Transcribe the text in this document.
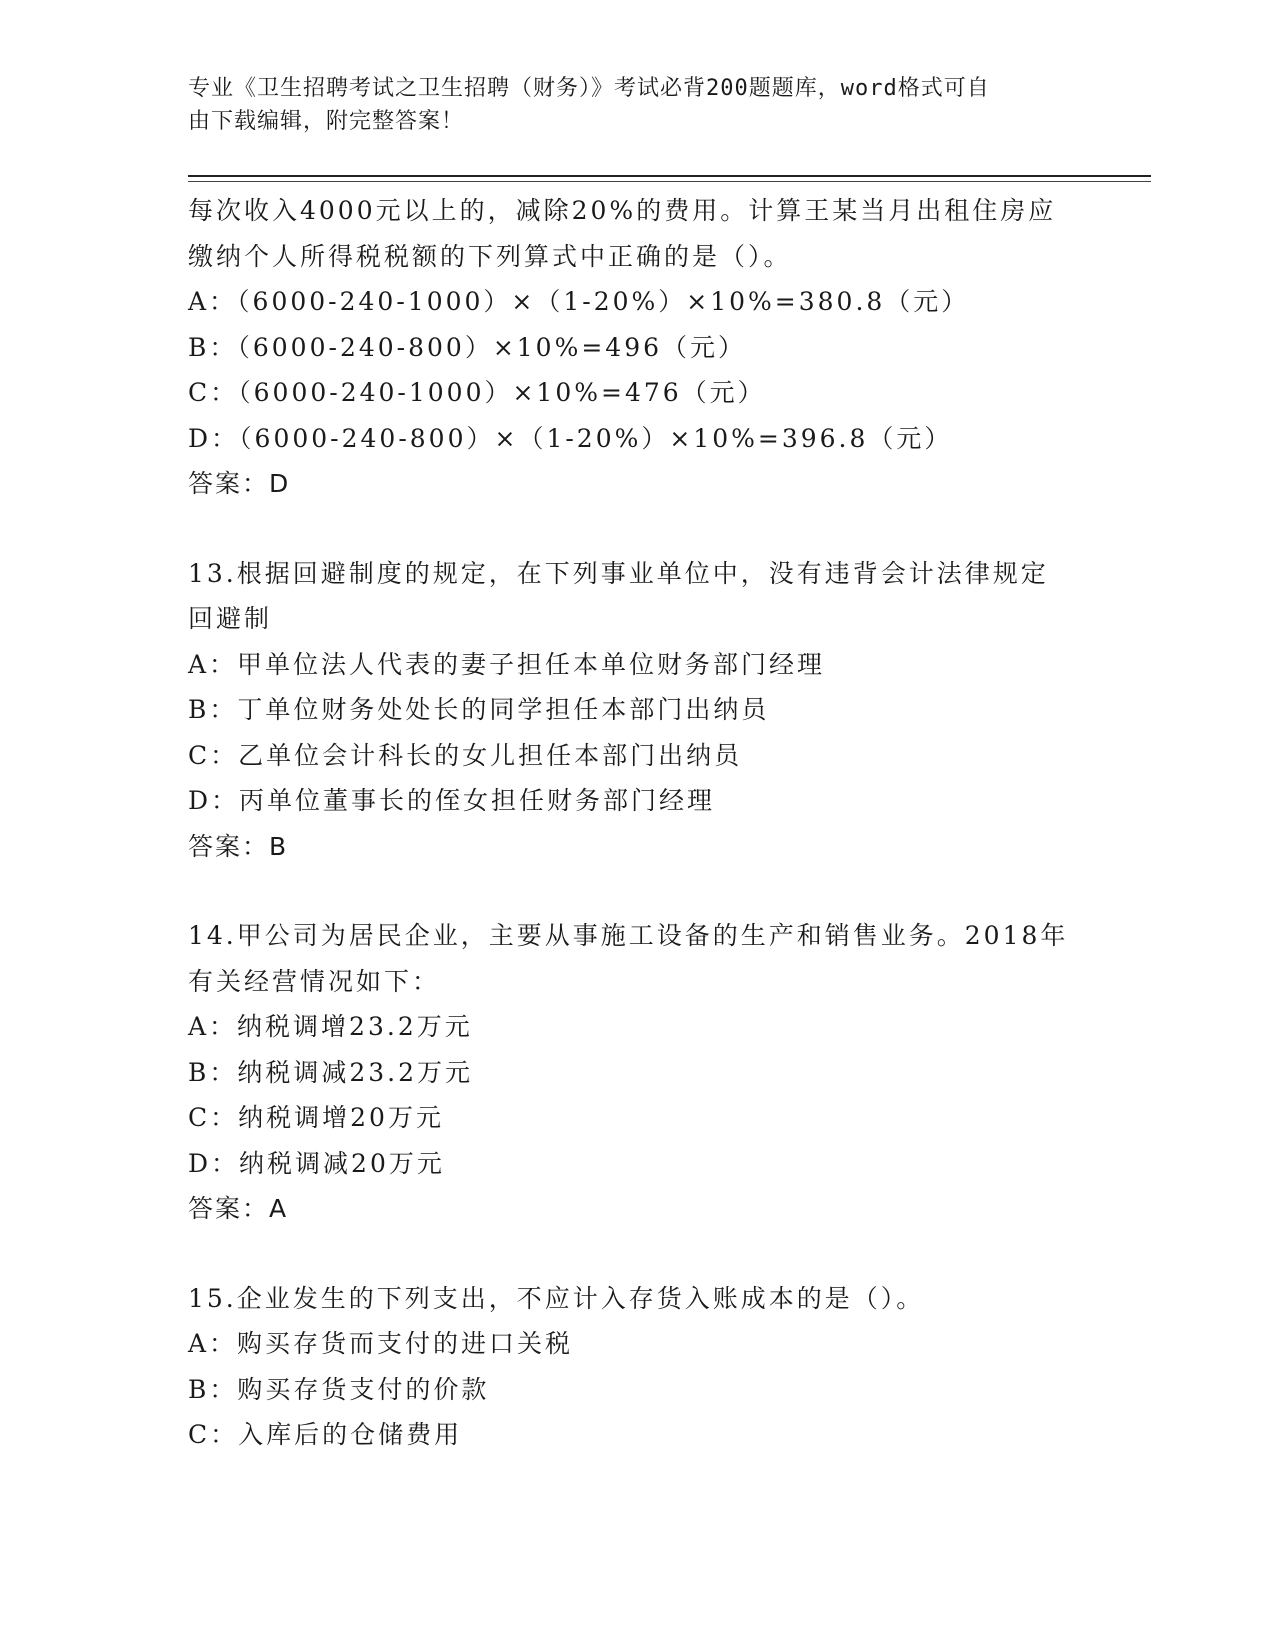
专业《卫生招聘考试之卫生招聘（财务）》考试必背200题题库，word格式可自
由下载编辑，附完整答案！
每次收入4000元以上的，减除20%的费用。计算王某当月出租住房应
缴纳个人所得税税额的下列算式中正确的是（）。
A：（6000-240-1000）×（1-20%）×10%=380.8（元）
B：（6000-240-800）×10%=496（元）
C：（6000-240-1000）×10%=476（元）
D：（6000-240-800）×（1-20%）×10%=396.8（元）
答案：D
13.根据回避制度的规定，在下列事业单位中，没有违背会计法律规定
回避制
A：甲单位法人代表的妻子担任本单位财务部门经理
B：丁单位财务处处长的同学担任本部门出纳员
C：乙单位会计科长的女儿担任本部门出纳员
D：丙单位董事长的侄女担任财务部门经理
答案：B
14.甲公司为居民企业，主要从事施工设备的生产和销售业务。2018年
有关经营情况如下：
A：纳税调增23.2万元
B：纳税调减23.2万元
C：纳税调增20万元
D：纳税调减20万元
答案：A
15.企业发生的下列支出，不应计入存货入账成本的是（）。
A：购买存货而支付的进口关税
B：购买存货支付的价款
C：入库后的仓储费用
